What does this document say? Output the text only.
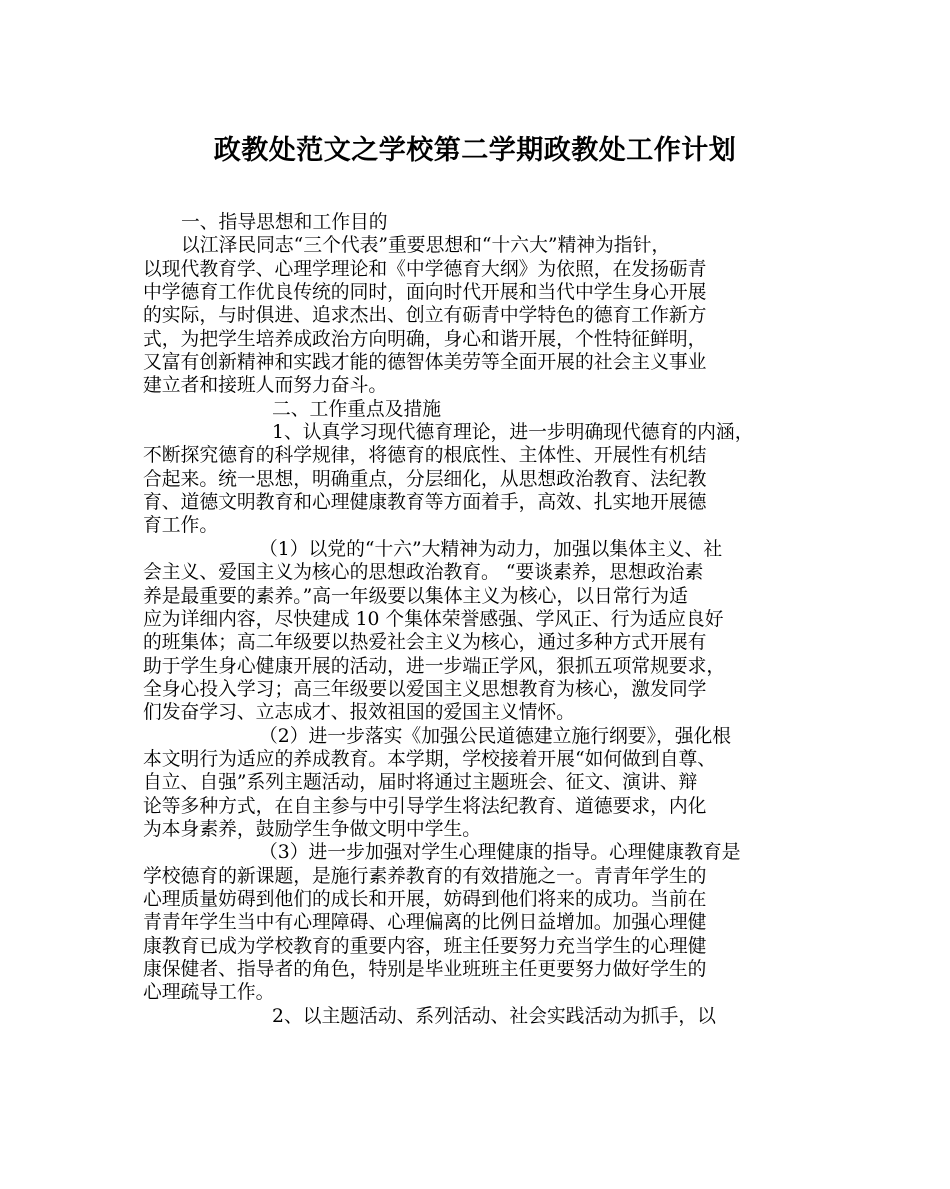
政教处范文之学校第二学期政教处工作计划
一、指导思想和工作目的
以江泽民同志“三个代表”重要思想和“十六大”精神为指针，
以现代教育学、心理学理论和《中学德育大纲》为依照，在发扬砺青
中学德育工作优良传统的同时，面向时代开展和当代中学生身心开展
的实际，与时俱进、追求杰出、创立有砺青中学特色的德育工作新方
式，为把学生培养成政治方向明确，身心和谐开展，个性特征鲜明，
又富有创新精神和实践才能的德智体美劳等全面开展的社会主义事业
建立者和接班人而努力奋斗。
二、工作重点及措施
1、认真学习现代德育理论，进一步明确现代德育的内涵，
不断探究德育的科学规律，将德育的根底性、主体性、开展性有机结
合起来。统一思想，明确重点，分层细化，从思想政治教育、法纪教
育、道德文明教育和心理健康教育等方面着手，高效、扎实地开展德
育工作。
（1）以党的“十六”大精神为动力，加强以集体主义、社
会主义、爱国主义为核心的思想政治教育。 “要谈素养，思想政治素
养是最重要的素养。”高一年级要以集体主义为核心，以日常行为适
应为详细内容，尽快建成 10 个集体荣誉感强、学风正、行为适应良好
的班集体；高二年级要以热爱社会主义为核心，通过多种方式开展有
助于学生身心健康开展的活动，进一步端正学风，狠抓五项常规要求，
全身心投入学习；高三年级要以爱国主义思想教育为核心，激发同学
们发奋学习、立志成才、报效祖国的爱国主义情怀。
（2）进一步落实《加强公民道德建立施行纲要》，强化根
本文明行为适应的养成教育。本学期，学校接着开展“如何做到自尊、
自立、自强”系列主题活动，届时将通过主题班会、征文、演讲、辩
论等多种方式，在自主参与中引导学生将法纪教育、道德要求，内化
为本身素养，鼓励学生争做文明中学生。
（3）进一步加强对学生心理健康的指导。心理健康教育是
学校德育的新课题，是施行素养教育的有效措施之一。青青年学生的
心理质量妨碍到他们的成长和开展，妨碍到他们将来的成功。当前在
青青年学生当中有心理障碍、心理偏离的比例日益增加。加强心理健
康教育已成为学校教育的重要内容，班主任要努力充当学生的心理健
康保健者、指导者的角色，特别是毕业班班主任更要努力做好学生的
心理疏导工作。
2、以主题活动、系列活动、社会实践活动为抓手，以
